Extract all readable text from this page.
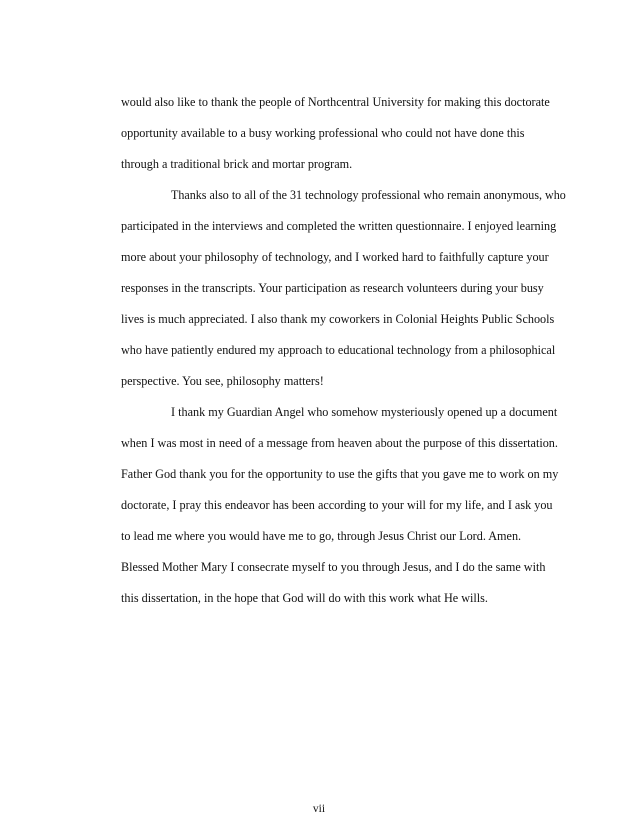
would also like to thank the people of Northcentral University for making this doctorate
opportunity available to a busy working professional who could not have done this
through a traditional brick and mortar program.
Thanks also to all of the 31 technology professional who remain anonymous, who
participated in the interviews and completed the written questionnaire. I enjoyed learning
more about your philosophy of technology, and I worked hard to faithfully capture your
responses in the transcripts. Your participation as research volunteers during your busy
lives is much appreciated. I also thank my coworkers in Colonial Heights Public Schools
who have patiently endured my approach to educational technology from a philosophical
perspective. You see, philosophy matters!
I thank my Guardian Angel who somehow mysteriously opened up a document
when I was most in need of a message from heaven about the purpose of this dissertation.
Father God thank you for the opportunity to use the gifts that you gave me to work on my
doctorate, I pray this endeavor has been according to your will for my life, and I ask you
to lead me where you would have me to go, through Jesus Christ our Lord. Amen.
Blessed Mother Mary I consecrate myself to you through Jesus, and I do the same with
this dissertation, in the hope that God will do with this work what He wills.
vii
